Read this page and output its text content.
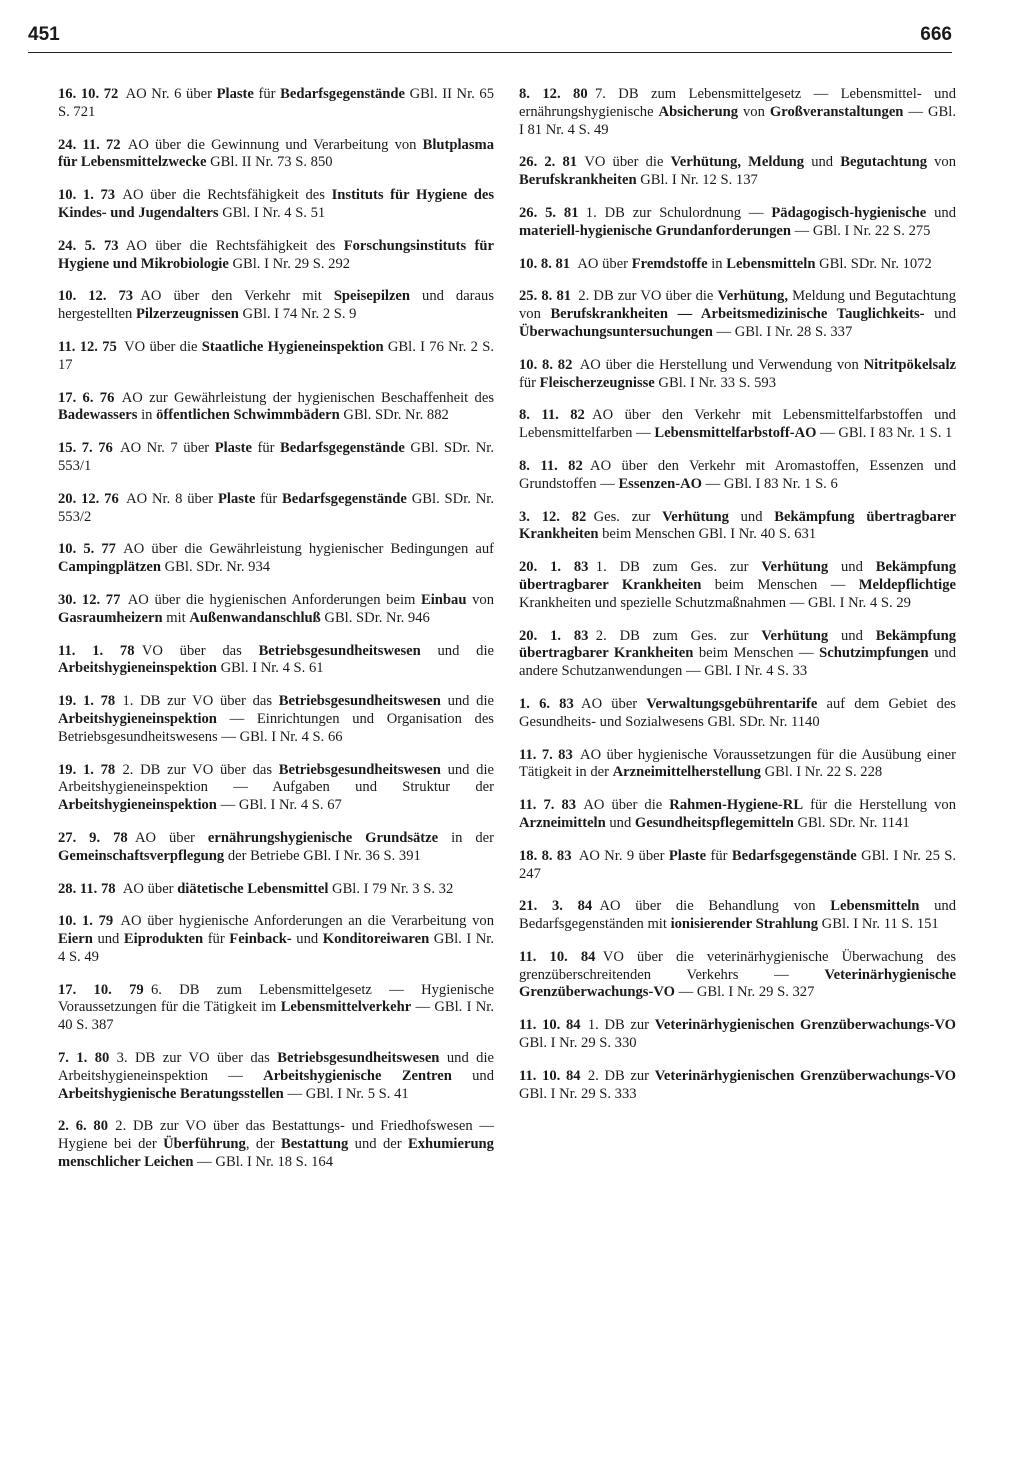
451	666

16. 10. 72  AO Nr. 6 über Plaste für Bedarfsgegenstände GBl. II Nr. 65 S. 721

24. 11. 72  AO über die Gewinnung und Verarbeitung von Blutplasma für Lebensmittelzwecke GBl. II Nr. 73 S. 850

10. 1. 73  AO über die Rechtsfähigkeit des Instituts für Hygiene des Kindes- und Jugendalters GBl. I Nr. 4 S. 51

24. 5. 73  AO über die Rechtsfähigkeit des Forschungsinstituts für Hygiene und Mikrobiologie GBl. I Nr. 29 S. 292

10. 12. 73  AO über den Verkehr mit Speisepilzen und daraus hergestellten Pilzerzeugnissen GBl. I 74 Nr. 2 S. 9

11. 12. 75  VO über die Staatliche Hygieneinspektion GBl. I 76 Nr. 2 S. 17

17. 6. 76  AO zur Gewährleistung der hygienischen Beschaffenheit des Badewassers in öffentlichen Schwimmbädern GBl. SDr. Nr. 882

15. 7. 76  AO Nr. 7 über Plaste für Bedarfsgegenstände GBl. SDr. Nr. 553/1

20. 12. 76  AO Nr. 8 über Plaste für Bedarfsgegenstände GBl. SDr. Nr. 553/2

10. 5. 77  AO über die Gewährleistung hygienischer Bedingungen auf Campingplätzen GBl. SDr. Nr. 934

30. 12. 77  AO über die hygienischen Anforderungen beim Einbau von Gasraumheizern mit Außenwandanschluß GBl. SDr. Nr. 946

11. 1. 78  VO über das Betriebsgesundheitswesen und die Arbeitshygieneinspektion GBl. I Nr. 4 S. 61

19. 1. 78  1. DB zur VO über das Betriebsgesundheitswesen und die Arbeitshygieneinspektion — Einrichtungen und Organisation des Betriebsgesundheitswesens — GBl. I Nr. 4 S. 66

19. 1. 78  2. DB zur VO über das Betriebsgesundheitswesen und die Arbeitshygieneinspektion — Aufgaben und Struktur der Arbeitshygieneinspektion — GBl. I Nr. 4 S. 67

27. 9. 78  AO über ernährungshygienische Grundsätze in der Gemeinschaftsverpflegung der Betriebe GBl. I Nr. 36 S. 391

28. 11. 78  AO über diätetische Lebensmittel GBl. I 79 Nr. 3 S. 32

10. 1. 79  AO über hygienische Anforderungen an die Verarbeitung von Eiern und Eiprodukten für Feinback- und Konditoreiwaren GBl. I Nr. 4 S. 49

17. 10. 79  6. DB zum Lebensmittelgesetz — Hygienische Voraussetzungen für die Tätigkeit im Lebensmittelverkehr — GBl. I Nr. 40 S. 387

7. 1. 80  3. DB zur VO über das Betriebsgesundheitswesen und die Arbeitshygieneinspektion — Arbeitshygienische Zentren und Arbeitshygienische Beratungsstellen — GBl. I Nr. 5 S. 41

2. 6. 80  2. DB zur VO über das Bestattungs- und Friedhofswesen — Hygiene bei der Überführung, der Bestattung und der Exhumierung menschlicher Leichen — GBl. I Nr. 18 S. 164

8. 12. 80  7. DB zum Lebensmittelgesetz — Lebensmittel- und ernährungshygienische Absicherung von Großveranstaltungen — GBl. I 81 Nr. 4 S. 49

26. 2. 81  VO über die Verhütung, Meldung und Begutachtung von Berufskrankheiten GBl. I Nr. 12 S. 137

26. 5. 81  1. DB zur Schulordnung — Pädagogisch-hygienische und materiell-hygienische Grundanforderungen — GBl. I Nr. 22 S. 275

10. 8. 81  AO über Fremdstoffe in Lebensmitteln GBl. SDr. Nr. 1072

25. 8. 81  2. DB zur VO über die Verhütung, Meldung und Begutachtung von Berufskrankheiten — Arbeitsmedizinische Tauglichkeits- und Überwachungsuntersuchungen — GBl. I Nr. 28 S. 337

10. 8. 82  AO über die Herstellung und Verwendung von Nitritpökelsalz für Fleischerzeugnisse GBl. I Nr. 33 S. 593

8. 11. 82  AO über den Verkehr mit Lebensmittelfarbstoffen und Lebensmittelfarben — Lebensmittelfarbstoff-AO — GBl. I 83 Nr. 1 S. 1

8. 11. 82  AO über den Verkehr mit Aromastoffen, Essenzen und Grundstoffen — Essenzen-AO — GBl. I 83 Nr. 1 S. 6

3. 12. 82  Ges. zur Verhütung und Bekämpfung übertragbarer Krankheiten beim Menschen GBl. I Nr. 40 S. 631

20. 1. 83  1. DB zum Ges. zur Verhütung und Bekämpfung übertragbarer Krankheiten beim Menschen — Meldepflichtige Krankheiten und spezielle Schutzmaßnahmen — GBl. I Nr. 4 S. 29

20. 1. 83  2. DB zum Ges. zur Verhütung und Bekämpfung übertragbarer Krankheiten beim Menschen — Schutzimpfungen und andere Schutzanwendungen — GBl. I Nr. 4 S. 33

1. 6. 83  AO über Verwaltungsgebührentarife auf dem Gebiet des Gesundheits- und Sozialwesens GBl. SDr. Nr. 1140

11. 7. 83  AO über hygienische Voraussetzungen für die Ausübung einer Tätigkeit in der Arzneimittelherstellung GBl. I Nr. 22 S. 228

11. 7. 83  AO über die Rahmen-Hygiene-RL für die Herstellung von Arzneimitteln und Gesundheitspflegemitteln GBl. SDr. Nr. 1141

18. 8. 83  AO Nr. 9 über Plaste für Bedarfsgegenstände GBl. I Nr. 25 S. 247

21. 3. 84  AO über die Behandlung von Lebensmitteln und Bedarfsgegenständen mit ionisierender Strahlung GBl. I Nr. 11 S. 151

11. 10. 84  VO über die veterinärhygienische Überwachung des grenzüberschreitenden Verkehrs — Veterinärhygienische Grenzüberwachungs-VO — GBl. I Nr. 29 S. 327

11. 10. 84  1. DB zur Veterinärhygienischen Grenzüberwachungs-VO GBl. I Nr. 29 S. 330

11. 10. 84  2. DB zur Veterinärhygienischen Grenzüberwachungs-VO GBl. I Nr. 29 S. 333
